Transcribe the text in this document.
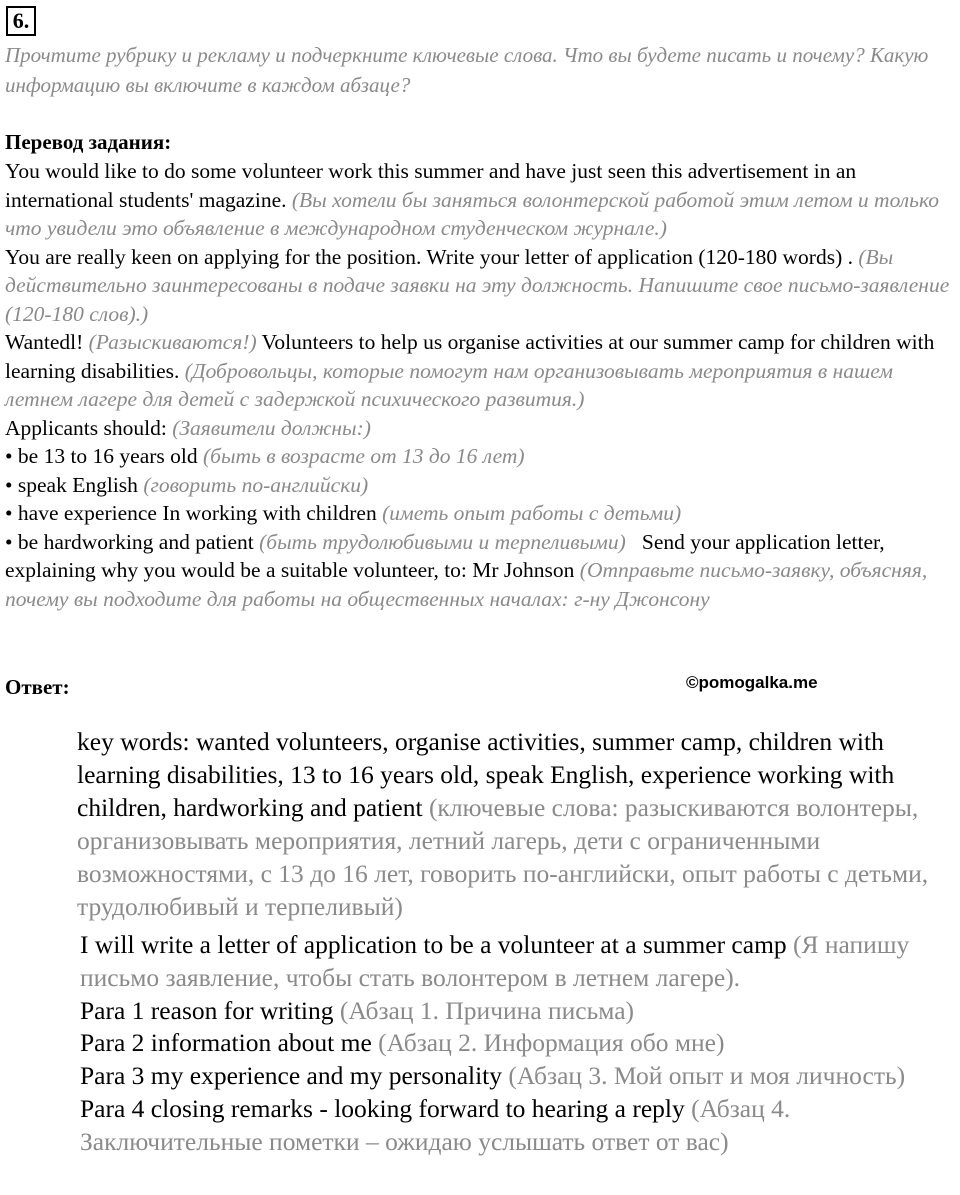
6.
Прочтите рубрику и рекламу и подчеркните ключевые слова. Что вы будете писать и почему? Какую информацию вы включите в каждом абзаце?
Перевод задания:
You would like to do some volunteer work this summer and have just seen this advertisement in an international students' magazine. (Вы хотели бы заняться волонтерской работой этим летом и только что увидели это объявление в международном студенческом журнале.)
You are really keen on applying for the position. Write your letter of application (120-180 words) . (Вы действительно заинтересованы в подаче заявки на эту должность. Напишите свое письмо-заявление (120-180 слов).)
Wantedl! (Разыскиваются!) Volunteers to help us organise activities at our summer camp for children with learning disabilities. (Добровольцы, которые помогут нам организовывать мероприятия в нашем летнем лагере для детей с задержкой психического развития.)
Applicants should: (Заявители должны:)
• be 13 to 16 years old (быть в возрасте от 13 до 16 лет)
• speak English (говорить по-английски)
• have experience In working with children (иметь опыт работы с детьми)
• be hardworking and patient (быть трудолюбивыми и терпеливыми) Send your application letter, explaining why you would be a suitable volunteer, to: Mr Johnson (Отправьте письмо-заявку, объясняя, почему вы подходите для работы на общественных началах: г-ну Джонсону
Ответ:	©pomogalka.me
key words: wanted volunteers, organise activities, summer camp, children with learning disabilities, 13 to 16 years old, speak English, experience working with children, hardworking and patient (ключевые слова: разыскиваются волонтеры, организовывать мероприятия, летний лагерь, дети с ограниченными возможностями, с 13 до 16 лет, говорить по-английски, опыт работы с детьми, трудолюбивый и терпеливый)
I will write a letter of application to be a volunteer at a summer camp (Я напишу письмо заявление, чтобы стать волонтером в летнем лагере).
Para 1 reason for writing (Абзац 1. Причина письма)
Para 2 information about me (Абзац 2. Информация обо мне)
Para 3 my experience and my personality (Абзац 3. Мой опыт и моя личность)
Para 4 closing remarks - looking forward to hearing a reply (Абзац 4. Заключительные пометки – ожидаю услышать ответ от вас)
